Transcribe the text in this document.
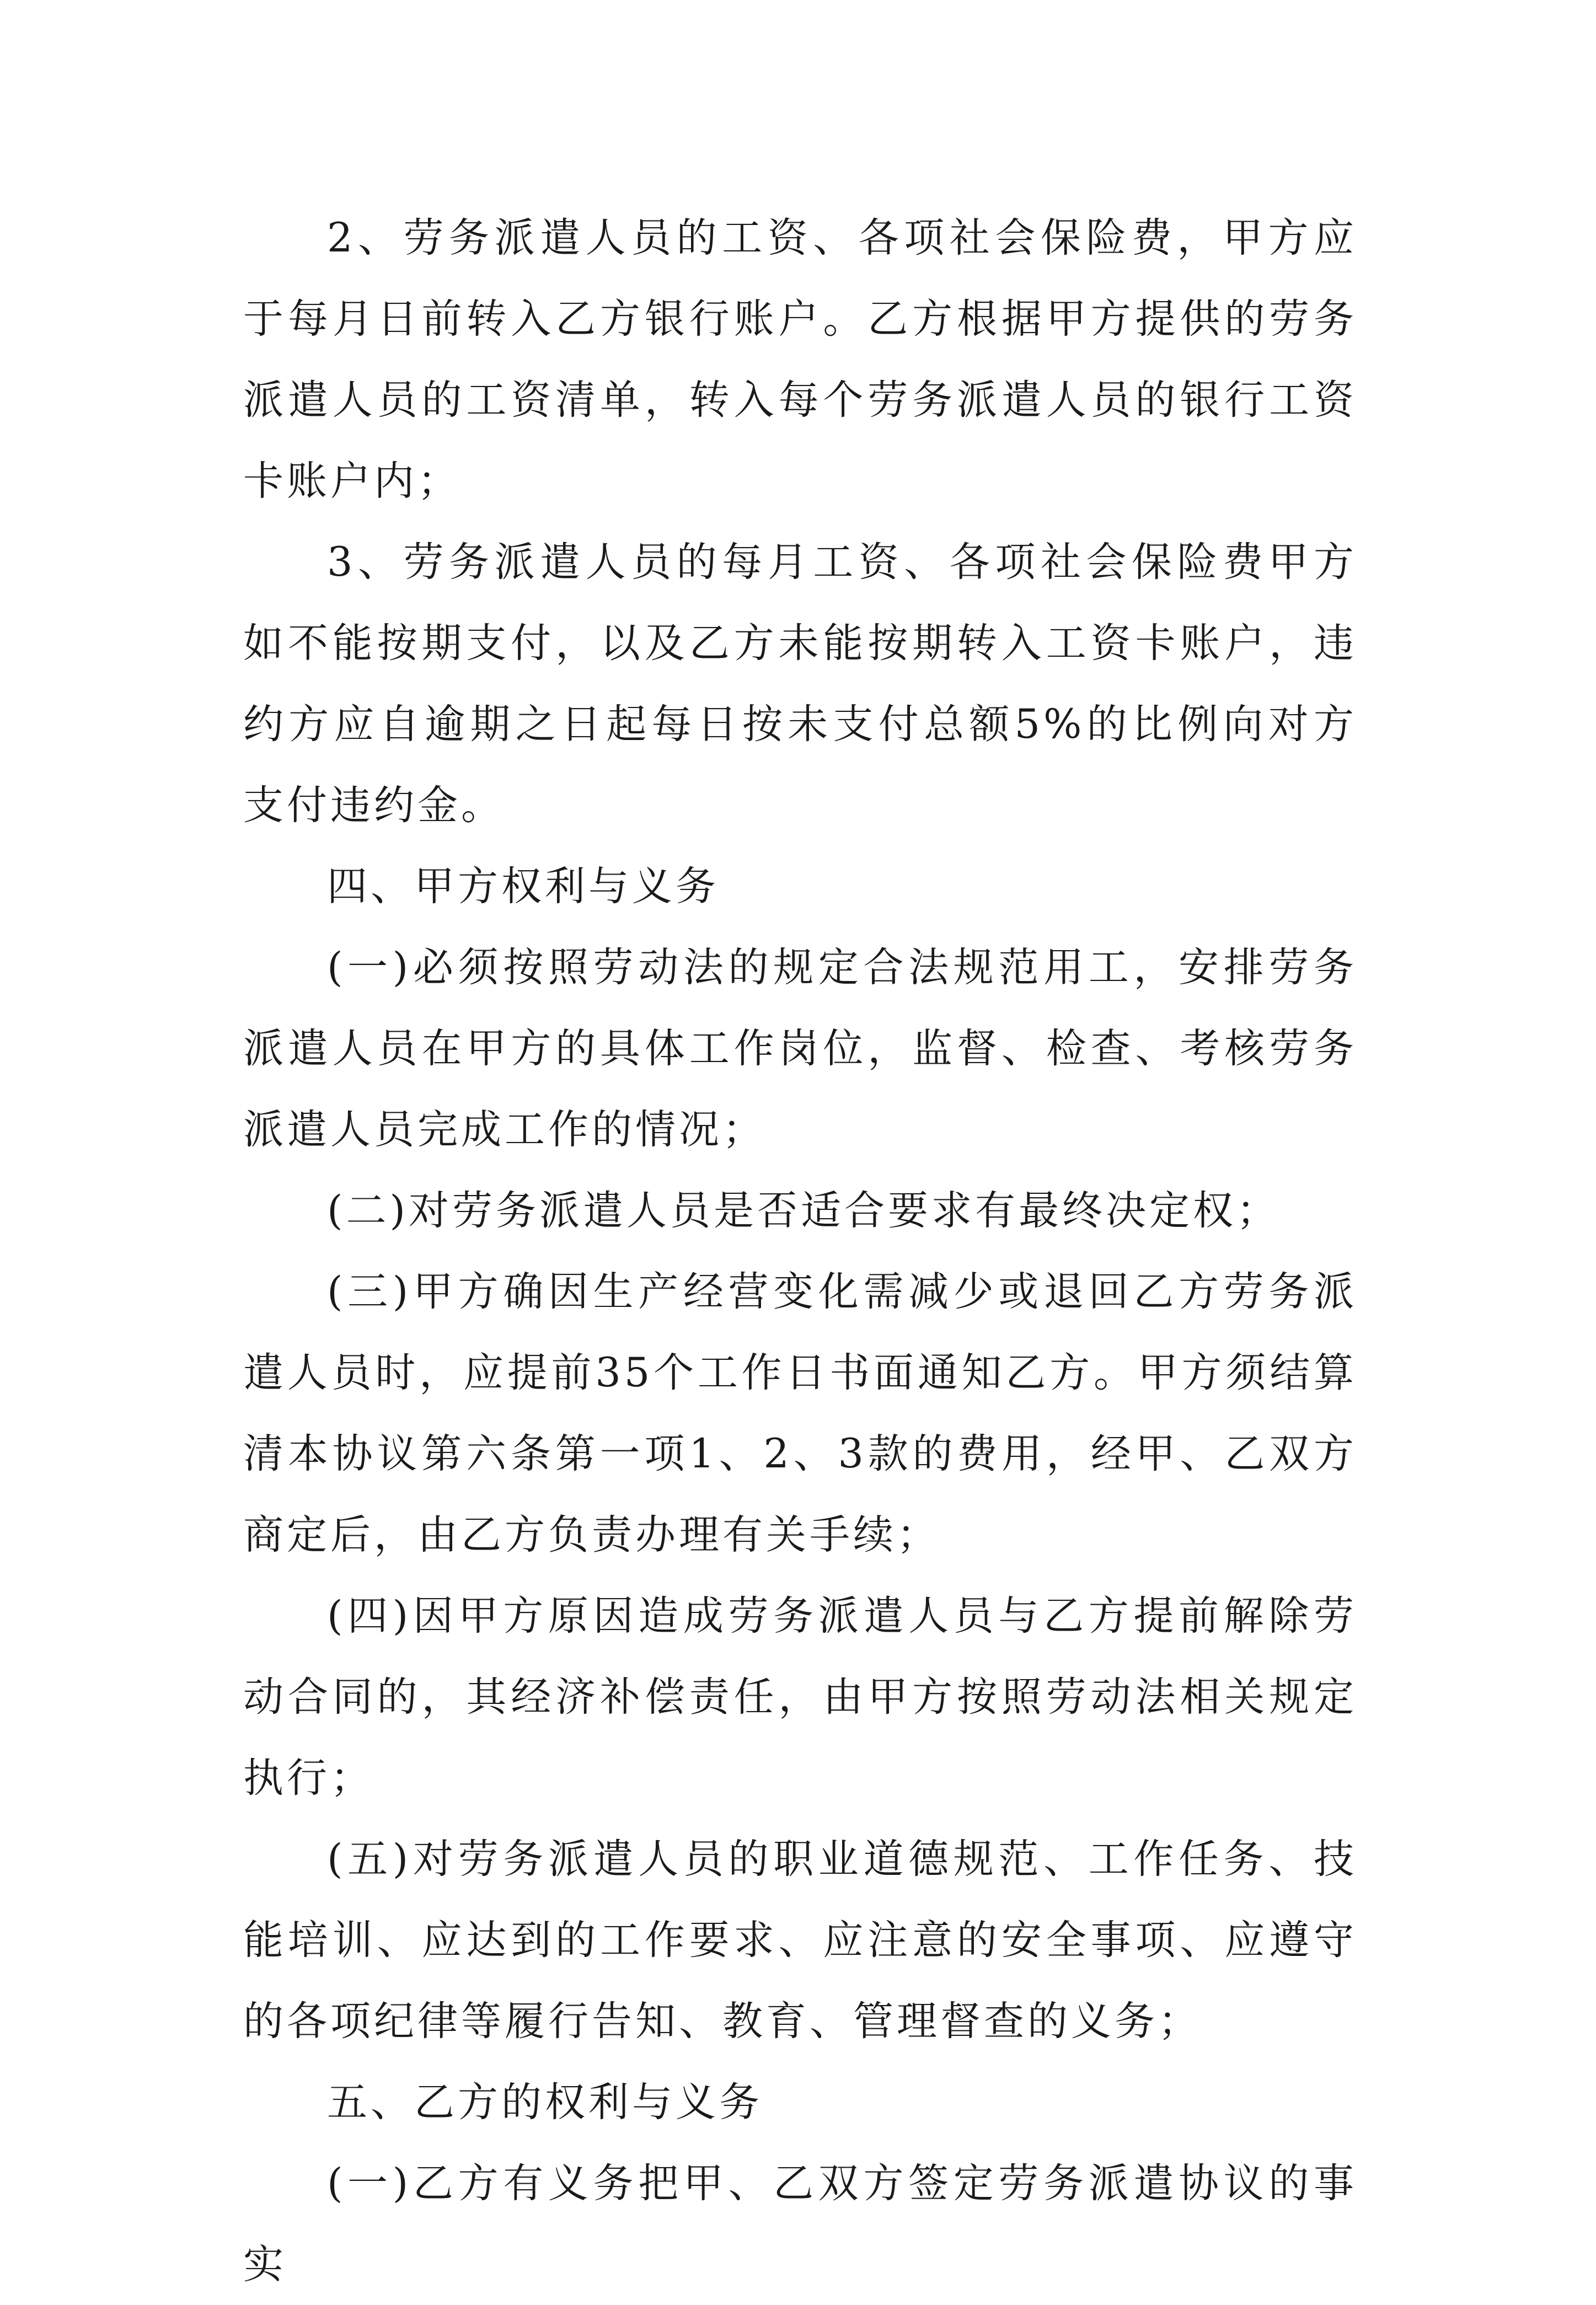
2、劳务派遣人员的工资、各项社会保险费，甲方应于每月日前转入乙方银行账户。乙方根据甲方提供的劳务派遣人员的工资清单，转入每个劳务派遣人员的银行工资卡账户内；

3、劳务派遣人员的每月工资、各项社会保险费甲方如不能按期支付，以及乙方未能按期转入工资卡账户，违约方应自逾期之日起每日按未支付总额5%的比例向对方支付违约金。

四、甲方权利与义务

(一)必须按照劳动法的规定合法规范用工，安排劳务派遣人员在甲方的具体工作岗位，监督、检查、考核劳务派遣人员完成工作的情况；

(二)对劳务派遣人员是否适合要求有最终决定权；

(三)甲方确因生产经营变化需减少或退回乙方劳务派遣人员时，应提前35个工作日书面通知乙方。甲方须结算清本协议第六条第一项1、2、3款的费用，经甲、乙双方商定后，由乙方负责办理有关手续；

(四)因甲方原因造成劳务派遣人员与乙方提前解除劳动合同的，其经济补偿责任，由甲方按照劳动法相关规定执行；

(五)对劳务派遣人员的职业道德规范、工作任务、技能培训、应达到的工作要求、应注意的安全事项、应遵守的各项纪律等履行告知、教育、管理督查的义务；

五、乙方的权利与义务

(一)乙方有义务把甲、乙双方签定劳务派遣协议的事实
